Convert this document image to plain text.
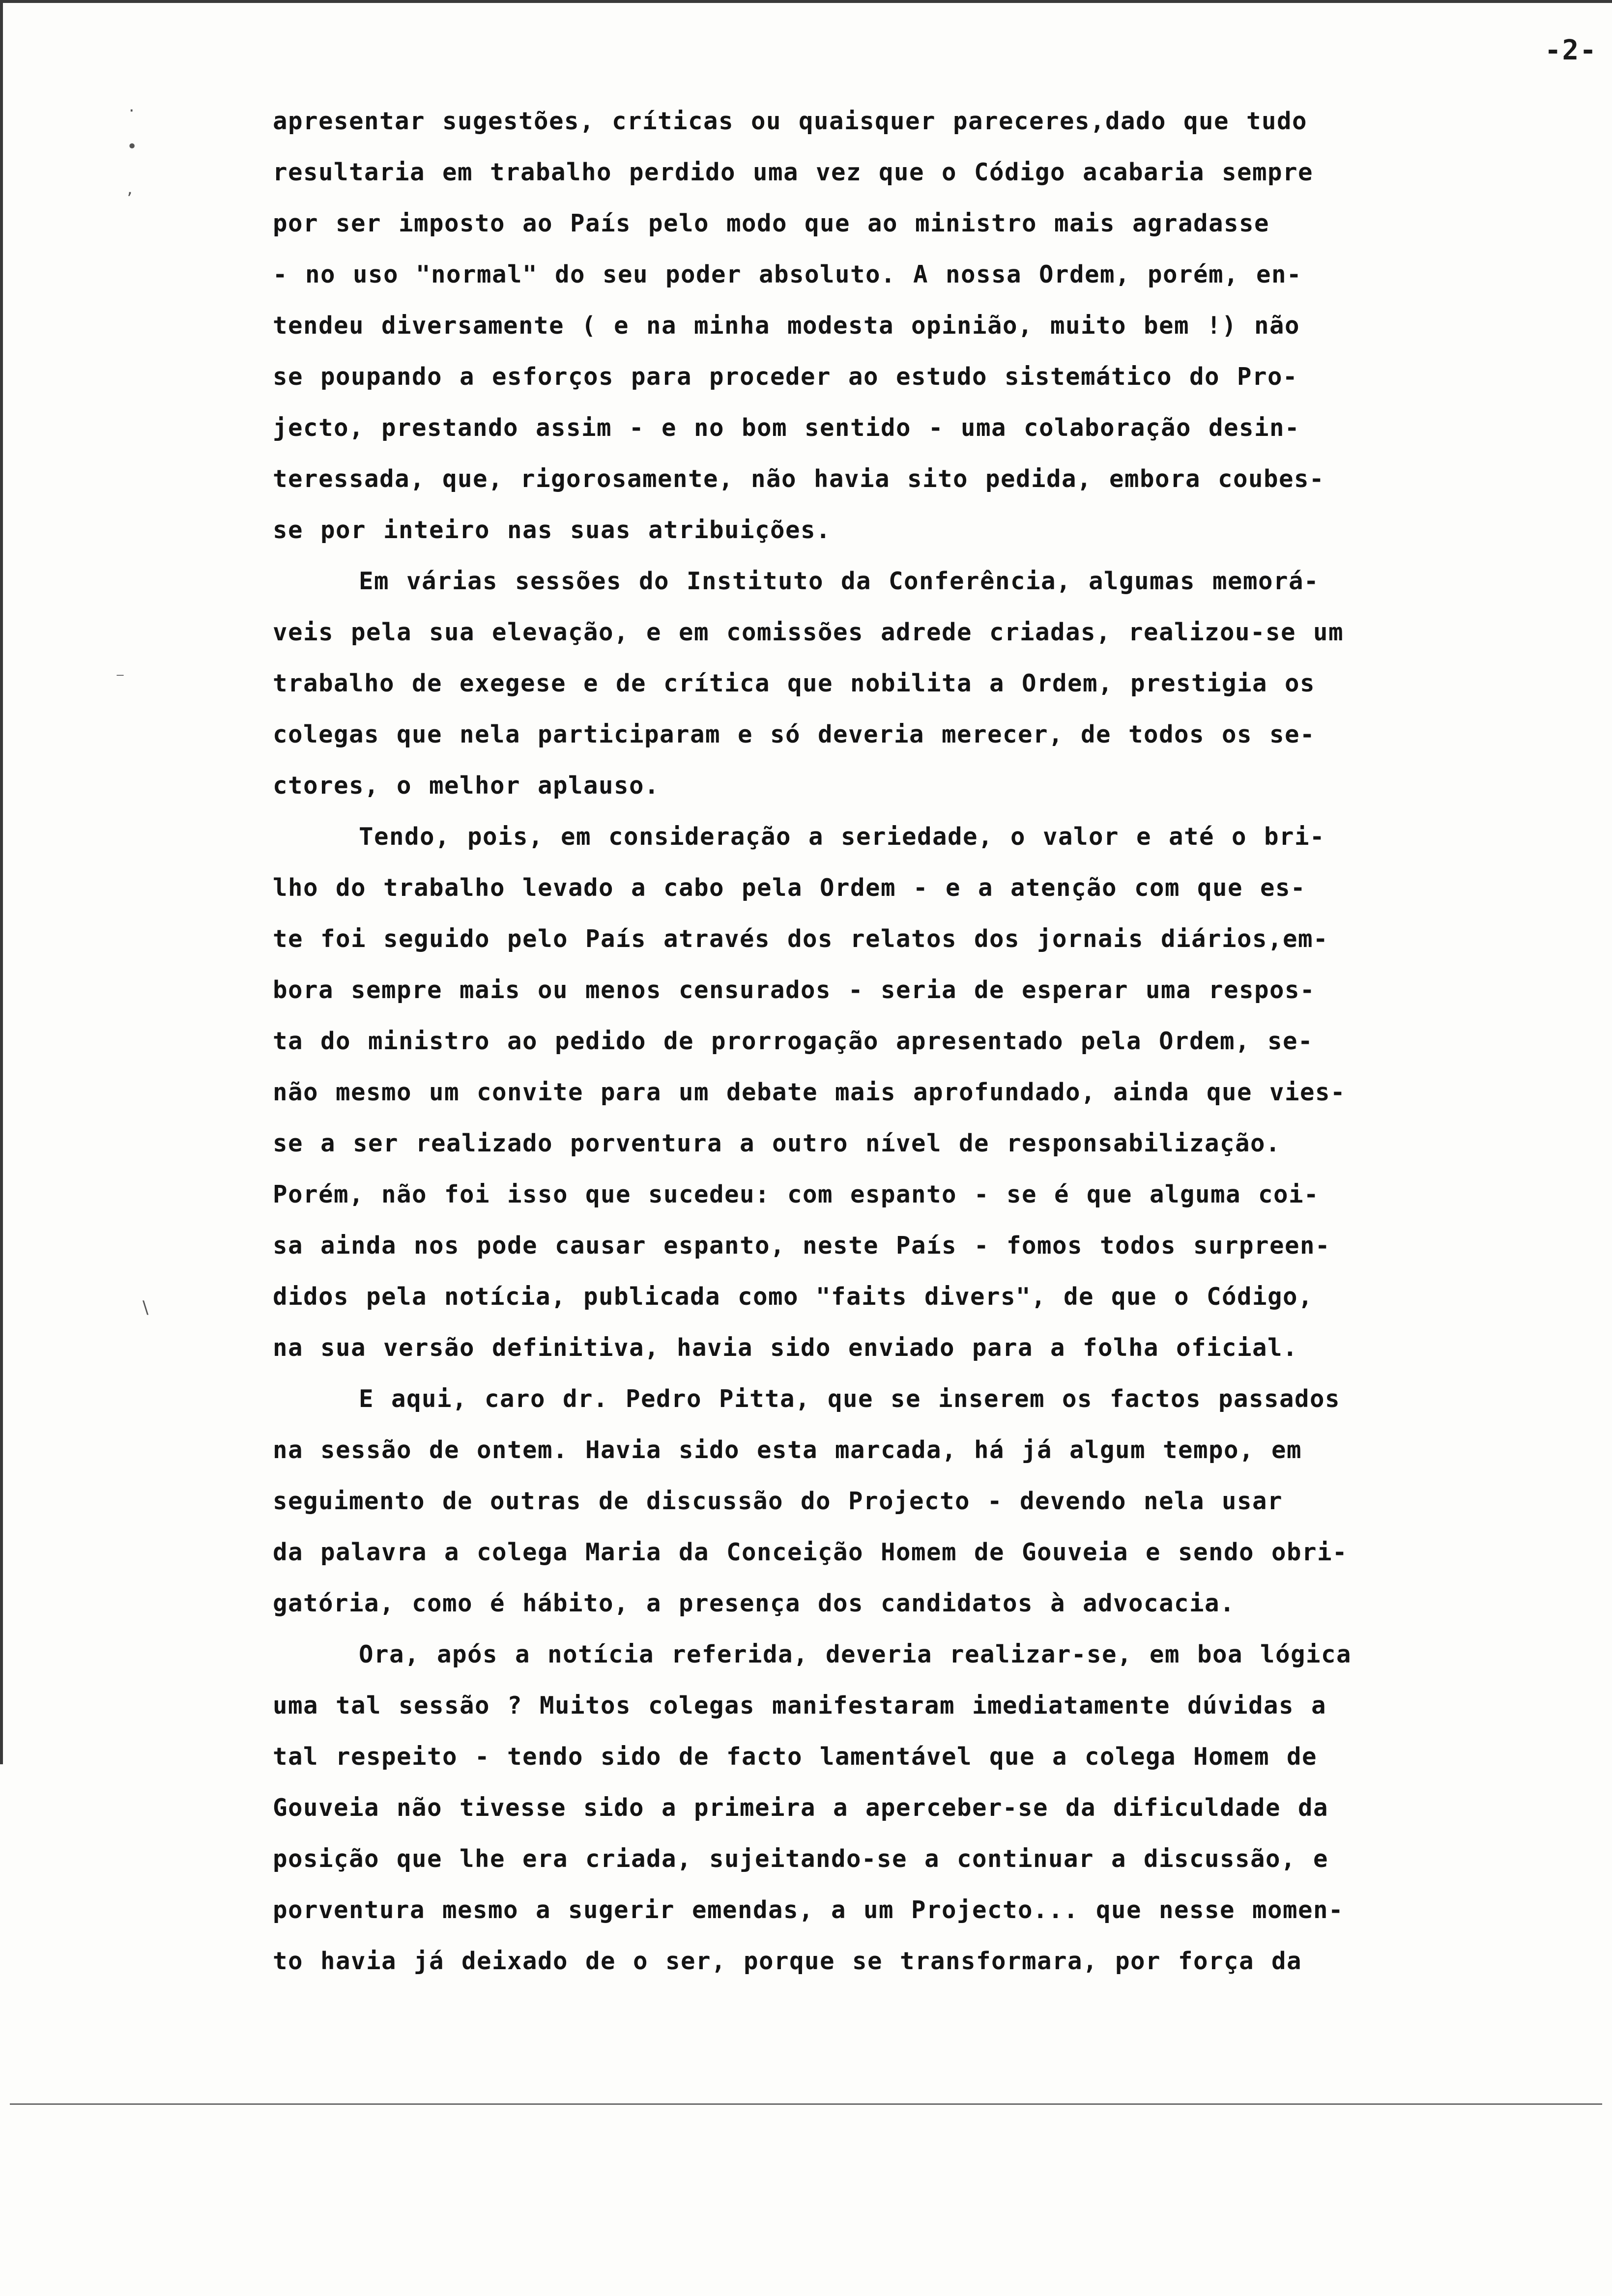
-2-
·
•
ʼ
⁻
\
apresentar sugestões, críticas ou quaisquer pareceres,dado que tudo
resultaria em trabalho perdido uma vez que o Código acabaria sempre
por ser imposto ao País pelo modo que ao ministro mais agradasse
- no uso "normal" do seu poder absoluto. A nossa Ordem, porém, en-
tendeu diversamente ( e na minha modesta opinião, muito bem !) não
se poupando a esforços para proceder ao estudo sistemático do Pro-
jecto, prestando assim - e no bom sentido - uma colaboração desin-
teressada, que, rigorosamente, não havia sito pedida, embora coubes-
se por inteiro nas suas atribuições.
Em várias sessões do Instituto da Conferência, algumas memorá-
veis pela sua elevação, e em comissões adrede criadas, realizou-se um
trabalho de exegese e de crítica que nobilita a Ordem, prestigia os
colegas que nela participaram e só deveria merecer, de todos os se-
ctores, o melhor aplauso.
Tendo, pois, em consideração a seriedade, o valor e até o bri-
lho do trabalho levado a cabo pela Ordem - e a atenção com que es-
te foi seguido pelo País através dos relatos dos jornais diários,em-
bora sempre mais ou menos censurados - seria de esperar uma respos-
ta do ministro ao pedido de prorrogação apresentado pela Ordem, se-
não mesmo um convite para um debate mais aprofundado, ainda que vies-
se a ser realizado porventura a outro nível de responsabilização.
Porém, não foi isso que sucedeu: com espanto - se é que alguma coi-
sa ainda nos pode causar espanto, neste País - fomos todos surpreen-
didos pela notícia, publicada como "faits divers", de que o Código,
na sua versão definitiva, havia sido enviado para a folha oficial.
E aqui, caro dr. Pedro Pitta, que se inserem os factos passados
na sessão de ontem. Havia sido esta marcada, há já algum tempo, em
seguimento de outras de discussão do Projecto - devendo nela usar
da palavra a colega Maria da Conceição Homem de Gouveia e sendo obri-
gatória, como é hábito, a presença dos candidatos à advocacia.
Ora, após a notícia referida, deveria realizar-se, em boa lógica
uma tal sessão ? Muitos colegas manifestaram imediatamente dúvidas a
tal respeito - tendo sido de facto lamentável que a colega Homem de
Gouveia não tivesse sido a primeira a aperceber-se da dificuldade da
posição que lhe era criada, sujeitando-se a continuar a discussão, e
porventura mesmo a sugerir emendas, a um Projecto... que nesse momen-
to havia já deixado de o ser, porque se transformara, por força da
